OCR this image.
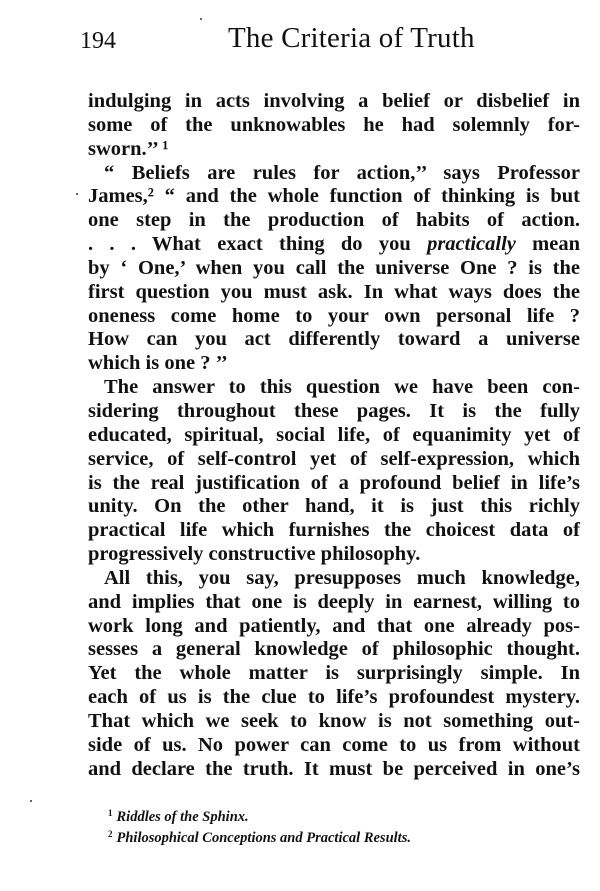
194	The Criteria of Truth
indulging in acts involving a belief or disbelief in
some of the unknowables he had solemnly for-
sworn.’’ ¹
“ Beliefs are rules for action,’’ says Professor
James,² “ and the whole function of thinking is but
one step in the production of habits of action.
. . . What exact thing do you practically mean
by ‘ One,’ when you call the universe One ? is the
first question you must ask. In what ways does the
oneness come home to your own personal life ?
How can you act differently toward a universe
which is one ? ’’
The answer to this question we have been con-
sidering throughout these pages. It is the fully
educated, spiritual, social life, of equanimity yet of
service, of self-control yet of self-expression, which
is the real justification of a profound belief in life’s
unity. On the other hand, it is just this richly
practical life which furnishes the choicest data of
progressively constructive philosophy.
All this, you say, presupposes much knowledge,
and implies that one is deeply in earnest, willing to
work long and patiently, and that one already pos-
sesses a general knowledge of philosophic thought.
Yet the whole matter is surprisingly simple. In
each of us is the clue to life’s profoundest mystery.
That which we seek to know is not something out-
side of us. No power can come to us from without
and declare the truth. It must be perceived in one’s
$^1$ Riddles of the Sphinx.
$^2$ Philosophical Conceptions and Practical Results.
